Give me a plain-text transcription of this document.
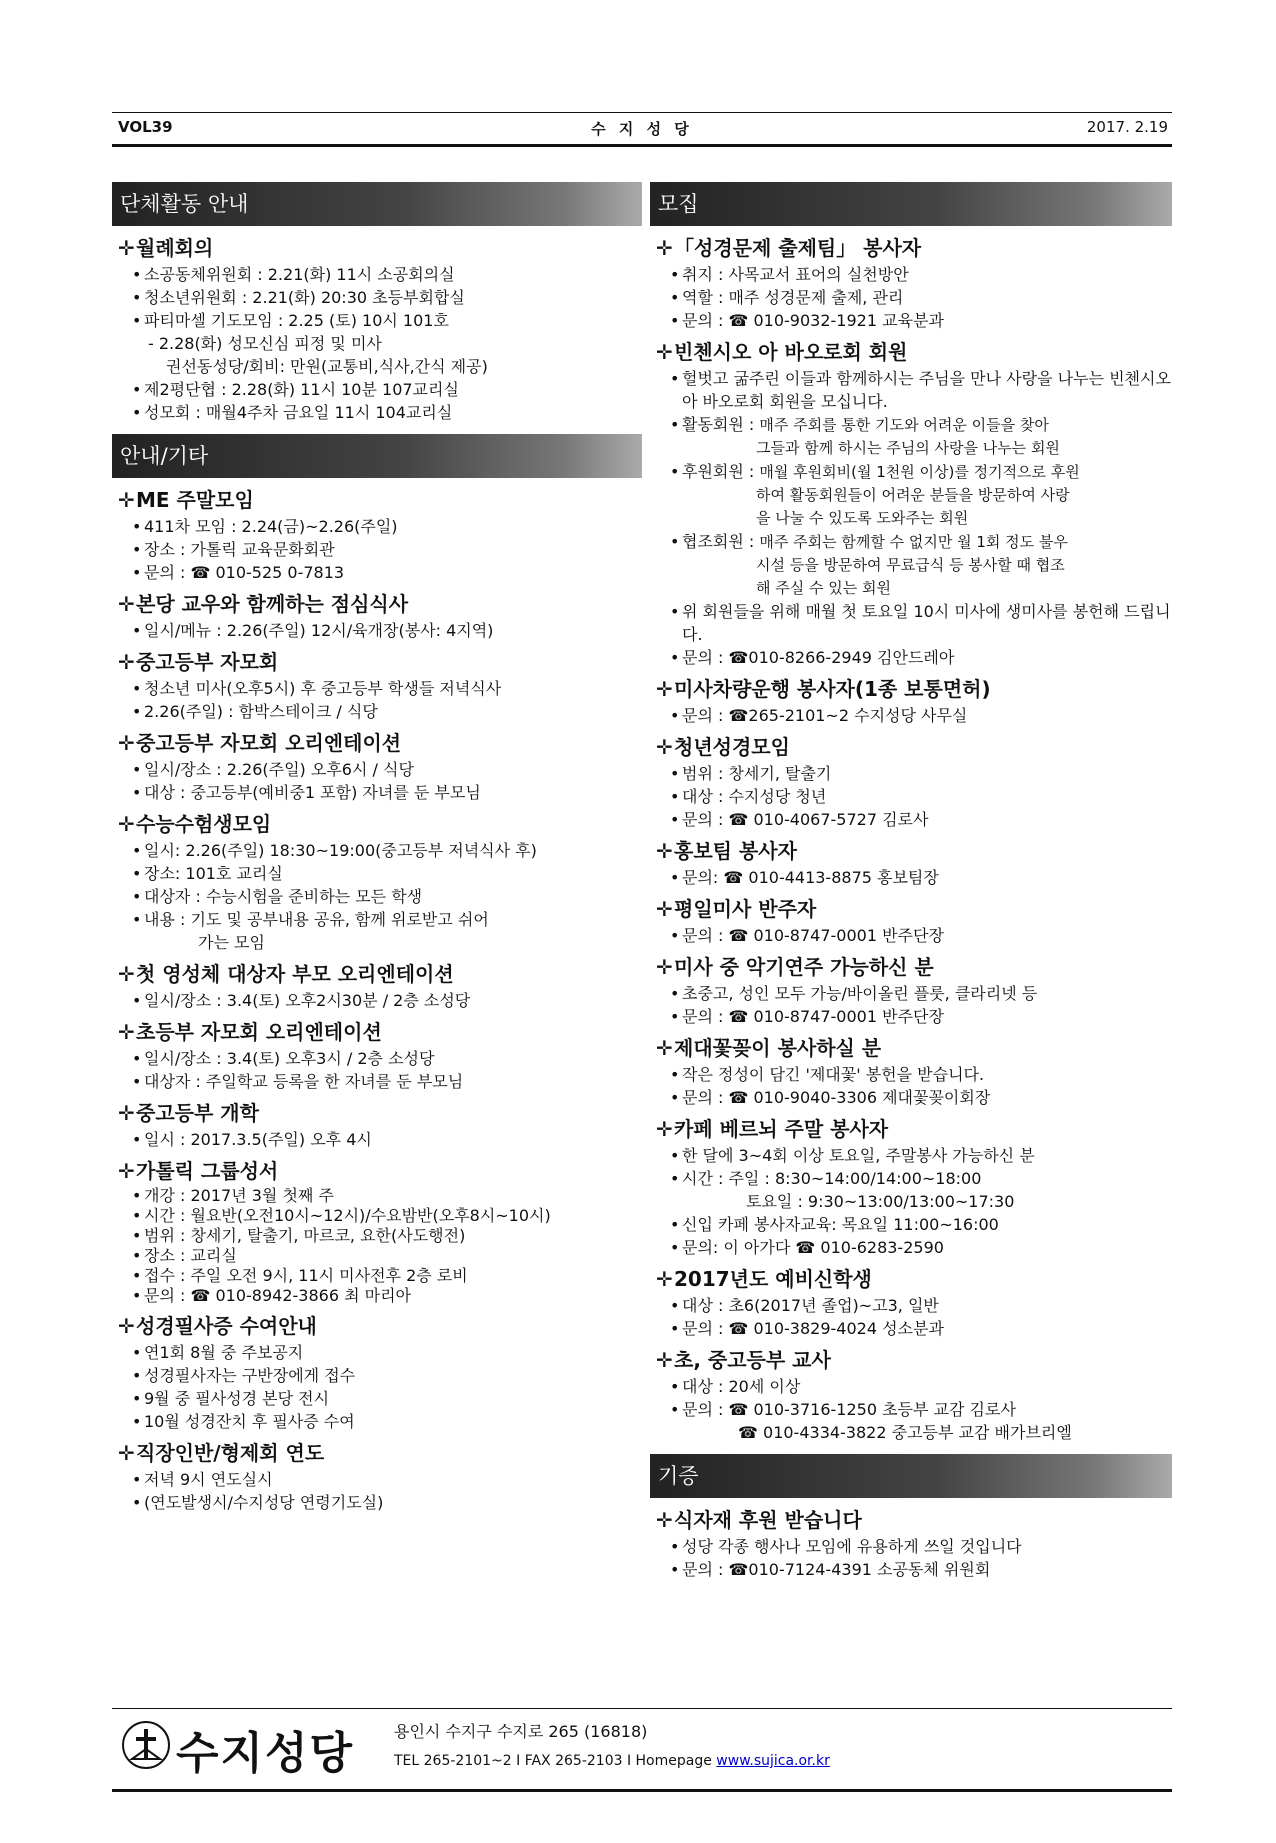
VOL39	수 지 성 당	2017. 2.19
단체활동 안내
✛월례회의
• 소공동체위원회 : 2.21(화) 11시 소공회의실
• 청소년위원회 : 2.21(화) 20:30 초등부회합실
• 파티마셀 기도모임 : 2.25 (토) 10시 101호
- 2.28(화) 성모신심 피정 및 미사
권선동성당/회비: 만원(교통비,식사,간식 제공)
• 제2평단협 : 2.28(화) 11시 10분 107교리실
• 성모회 : 매월4주차 금요일 11시 104교리실
안내/기타
✛ME 주말모임
• 411차 모임 : 2.24(금)~2.26(주일)
• 장소 : 가톨릭 교육문화회관
• 문의 : ☎ 010-525 0-7813
✛본당 교우와 함께하는 점심식사
• 일시/메뉴 : 2.26(주일) 12시/육개장(봉사: 4지역)
✛중고등부 자모회
• 청소년 미사(오후5시) 후 중고등부 학생들 저녁식사
• 2.26(주일) : 함박스테이크 / 식당
✛중고등부 자모회 오리엔테이션
• 일시/장소 : 2.26(주일) 오후6시 / 식당
• 대상 : 중고등부(예비중1 포함) 자녀를 둔 부모님
✛수능수험생모임
• 일시: 2.26(주일) 18:30~19:00(중고등부 저녁식사 후)
• 장소: 101호 교리실
• 대상자 : 수능시험을 준비하는 모든 학생
• 내용 : 기도 및 공부내용 공유, 함께 위로받고 쉬어
가는 모임
✛첫 영성체 대상자 부모 오리엔테이션
• 일시/장소 : 3.4(토) 오후2시30분 / 2층 소성당
✛초등부 자모회 오리엔테이션
• 일시/장소 : 3.4(토) 오후3시 / 2층 소성당
• 대상자 : 주일학교 등록을 한 자녀를 둔 부모님
✛중고등부 개학
• 일시 : 2017.3.5(주일) 오후 4시
✛가톨릭 그룹성서
• 개강 : 2017년 3월 첫째 주
• 시간 : 월요반(오전10시~12시)/수요밤반(오후8시~10시)
• 범위 : 창세기, 탈출기, 마르코, 요한(사도행전)
• 장소 : 교리실
• 접수 : 주일 오전 9시, 11시 미사전후 2층 로비
• 문의 : ☎ 010-8942-3866 최 마리아
✛성경필사증 수여안내
• 연1회 8월 중 주보공지
• 성경필사자는 구반장에게 접수
• 9월 중 필사성경 본당 전시
• 10월 성경잔치 후 필사증 수여
✛직장인반/형제회 연도
• 저녁 9시 연도실시
• (연도발생시/수지성당 연령기도실)
모집
✛「성경문제 출제팀」 봉사자
• 취지 : 사목교서 표어의 실천방안
• 역할 : 매주 성경문제 출제, 관리
• 문의 : ☎ 010-9032-1921 교육분과
✛빈첸시오 아 바오로회 회원
• 헐벗고 굶주린 이들과 함께하시는 주님을 만나 사랑을 나누는 빈첸시오 아 바오로회 회원을 모십니다.
• 활동회원 : 매주 주회를 통한 기도와 어려운 이들을 찾아
그들과 함께 하시는 주님의 사랑을 나누는 회원
• 후원회원 : 매월 후원회비(월 1천원 이상)를 정기적으로 후원
하여 활동회원들이 어려운 분들을 방문하여 사랑
을 나눌 수 있도록 도와주는 회원
• 협조회원 : 매주 주회는 함께할 수 없지만 월 1회 정도 불우
시설 등을 방문하여 무료급식 등 봉사할 때 협조
해 주실 수 있는 회원
• 위 회원들을 위해 매월 첫 토요일 10시 미사에 생미사를 봉헌해 드립니다.
• 문의 : ☎010-8266-2949 김안드레아
✛미사차량운행 봉사자(1종 보통면허)
• 문의 : ☎265-2101~2 수지성당 사무실
✛청년성경모임
• 범위 : 창세기, 탈출기
• 대상 : 수지성당 청년
• 문의 : ☎ 010-4067-5727 김로사
✛홍보팀 봉사자
• 문의: ☎ 010-4413-8875 홍보팀장
✛평일미사 반주자
• 문의 : ☎ 010-8747-0001 반주단장
✛미사 중 악기연주 가능하신 분
• 초중고, 성인 모두 가능/바이올린 플룻, 클라리넷 등
• 문의 : ☎ 010-8747-0001 반주단장
✛제대꽃꽂이 봉사하실 분
• 작은 정성이 담긴 '제대꽃' 봉헌을 받습니다.
• 문의 : ☎ 010-9040-3306 제대꽃꽂이회장
✛카페 베르뇌 주말 봉사자
• 한 달에 3~4회 이상 토요일, 주말봉사 가능하신 분
• 시간 : 주일 : 8:30~14:00/14:00~18:00
토요일 : 9:30~13:00/13:00~17:30
• 신입 카페 봉사자교육: 목요일 11:00~16:00
• 문의: 이 아가다 ☎ 010-6283-2590
✛2017년도 예비신학생
• 대상 : 초6(2017년 졸업)~고3, 일반
• 문의 : ☎ 010-3829-4024 성소분과
✛초, 중고등부 교사
• 대상 : 20세 이상
• 문의 : ☎ 010-3716-1250 초등부 교감 김로사
☎ 010-4334-3822 중고등부 교감 배가브리엘
기증
✛식자재 후원 받습니다
• 성당 각종 행사나 모임에 유용하게 쓰일 것입니다
• 문의 : ☎010-7124-4391 소공동체 위원회
수지성당 용인시 수지구 수지로 265 (16818)
TEL 265-2101~2 I FAX 265-2103 I Homepage www.sujica.or.kr
